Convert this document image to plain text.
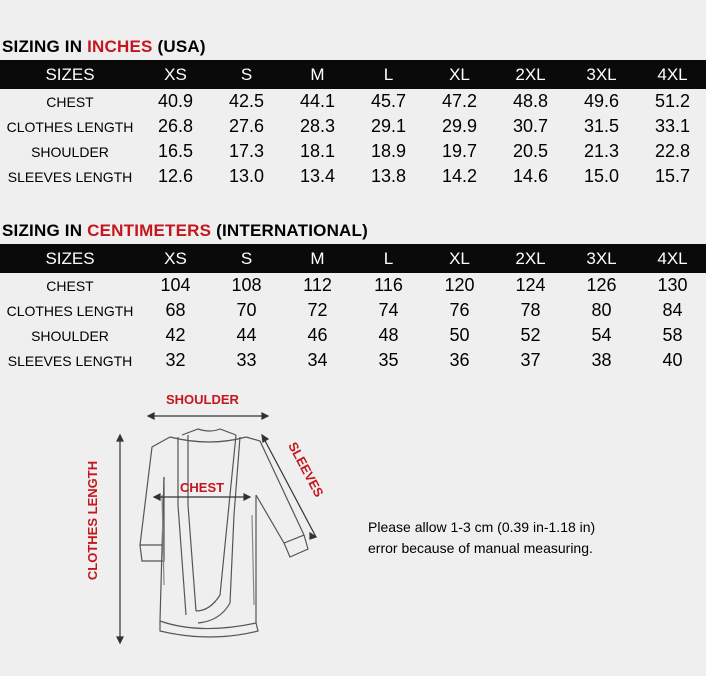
SIZING IN INCHES (USA)
SIZES	XS	S	M	L	XL	2XL	3XL	4XL
CHEST	40.9	42.5	44.1	45.7	47.2	48.8	49.6	51.2
CLOTHES LENGTH	26.8	27.6	28.3	29.1	29.9	30.7	31.5	33.1
SHOULDER	16.5	17.3	18.1	18.9	19.7	20.5	21.3	22.8
SLEEVES LENGTH	12.6	13.0	13.4	13.8	14.2	14.6	15.0	15.7
SIZING IN CENTIMETERS (INTERNATIONAL)
SIZES	XS	S	M	L	XL	2XL	3XL	4XL
CHEST	104	108	112	116	120	124	126	130
CLOTHES LENGTH	68	70	72	74	76	78	80	84
SHOULDER	42	44	46	48	50	52	54	58
SLEEVES LENGTH	32	33	34	35	36	37	38	40
SHOULDER
CHEST	SLEEVES
CLOTHES LENGTH	Please allow 1-3 cm (0.39 in-1.18 in)
error because of manual measuring.
